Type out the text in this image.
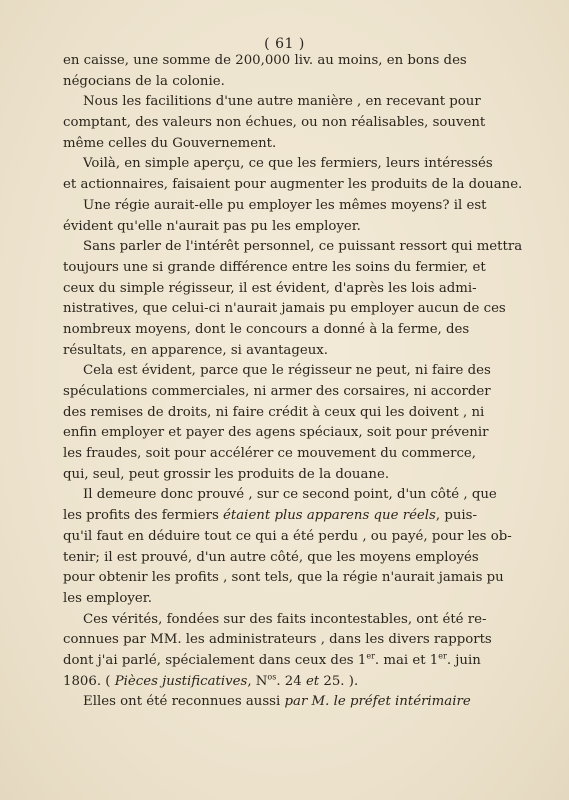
( 61 )
en caisse, une somme de 200,000 liv. au moins, en bons des
négocians de la colonie.
Nous les facilitions d'une autre manière , en recevant pour
comptant, des valeurs non échues, ou non réalisables, souvent
même celles du Gouvernement.
Voilà, en simple aperçu, ce que les fermiers, leurs intéressés
et actionnaires, faisaient pour augmenter les produits de la douane.
Une régie aurait-elle pu employer les mêmes moyens? il est
évident qu'elle n'aurait pas pu les employer.
Sans parler de l'intérêt personnel, ce puissant ressort qui mettra
toujours une si grande différence entre les soins du fermier, et
ceux du simple régisseur, il est évident, d'après les lois admi-
nistratives, que celui-ci n'aurait jamais pu employer aucun de ces
nombreux moyens, dont le concours a donné à la ferme, des
résultats, en apparence, si avantageux.
Cela est évident, parce que le régisseur ne peut, ni faire des
spéculations commerciales, ni armer des corsaires, ni accorder
des remises de droits, ni faire crédit à ceux qui les doivent , ni
enfin employer et payer des agens spéciaux, soit pour prévenir
les fraudes, soit pour accélérer ce mouvement du commerce,
qui, seul, peut grossir les produits de la douane.
Il demeure donc prouvé , sur ce second point, d'un côté , que
les profits des fermiers étaient plus apparens que réels, puis-
qu'il faut en déduire tout ce qui a été perdu , ou payé, pour les ob-
tenir; il est prouvé, d'un autre côté, que les moyens employés
pour obtenir les profits , sont tels, que la régie n'aurait jamais pu
les employer.
Ces vérités, fondées sur des faits incontestables, ont été re-
connues par MM. les administrateurs , dans les divers rapports
dont j'ai parlé, spécialement dans ceux des 1er. mai et 1er. juin
1806. ( Pièces justificatives, $N^{os}$. 24 et 25. ).
Elles ont été reconnues aussi par M. le préfet intérimaire
